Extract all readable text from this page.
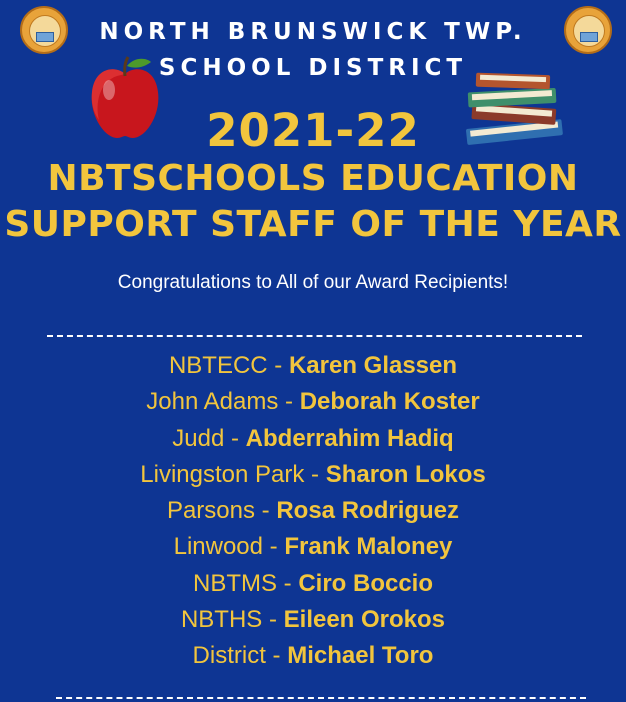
NORTH BRUNSWICK TWP.
SCHOOL DISTRICT
2021-22
NBTSCHOOLS EDUCATION
SUPPORT STAFF OF THE YEAR
Congratulations to All of our Award Recipients!
NBTECC - Karen Glassen
John Adams - Deborah Koster
Judd - Abderrahim Hadiq
Livingston Park - Sharon Lokos
Parsons - Rosa Rodriguez
Linwood - Frank Maloney
NBTMS - Ciro Boccio
NBTHS - Eileen Orokos
District - Michael Toro
